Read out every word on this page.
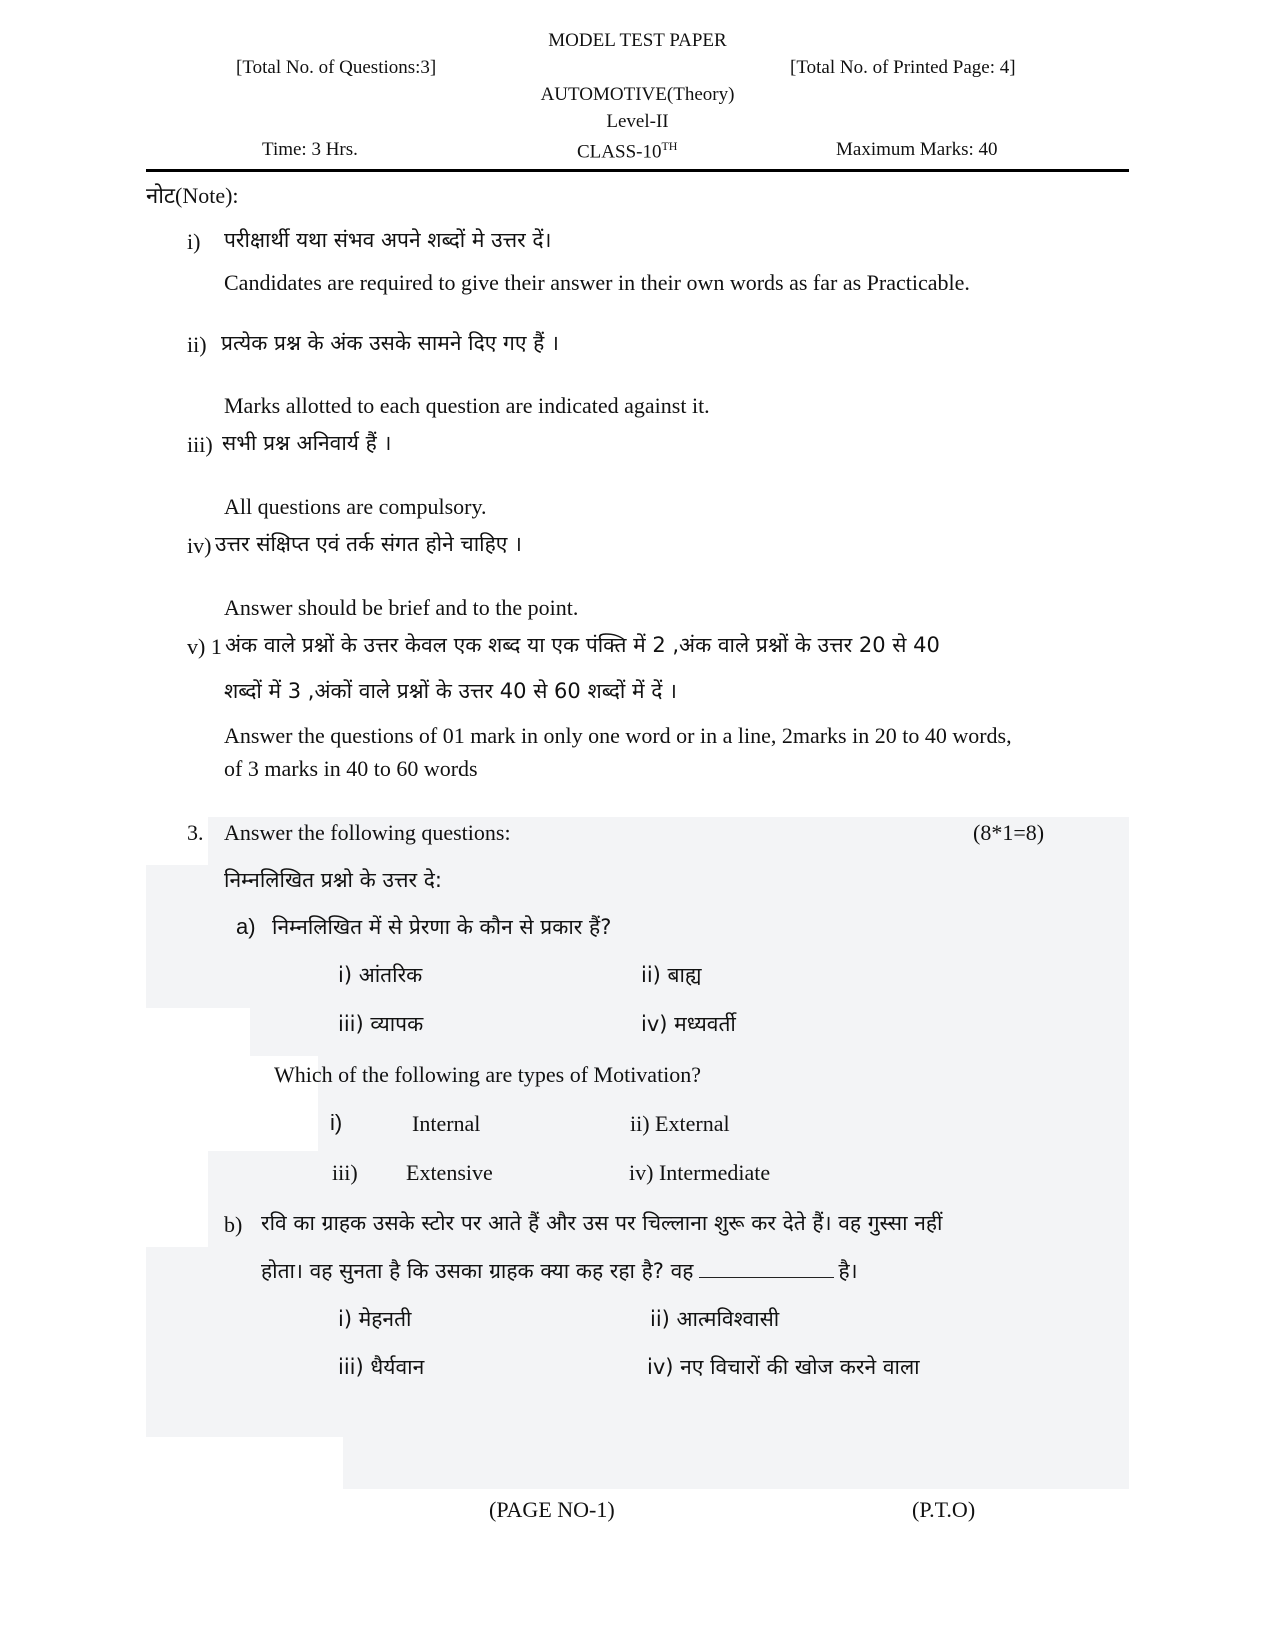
MODEL TEST PAPER
[Total No. of Questions:3]	[Total No. of Printed Page: 4]
AUTOMOTIVE(Theory)
Level-II
Time: 3 Hrs.	CLASS-10TH	Maximum Marks: 40
नोट(Note):
i) परीक्षार्थी यथा संभव अपने शब्दों मे उत्तर दें।
Candidates are required to give their answer in their own words as far as Practicable.
ii) प्रत्येक प्रश्न के अंक उसके सामने दिए गए हैं ।
Marks allotted to each question are indicated against it.
iii) सभी प्रश्न अनिवार्य हैं ।
All questions are compulsory.
iv) उत्तर संक्षिप्त एवं तर्क संगत होने चाहिए ।
Answer should be brief and to the point.
v) 1 अंक वाले प्रश्नों के उत्तर केवल एक शब्द या एक पंक्ति में 2 ,अंक वाले प्रश्नों के उत्तर 20 से 40
शब्दों में 3 ,अंकों वाले प्रश्नों के उत्तर 40 से 60 शब्दों में दें ।
Answer the questions of 01 mark in only one word or in a line, 2marks in 20 to 40 words,
of 3 marks in 40 to 60 words
3. Answer the following questions:	(8*1=8)
निम्नलिखित प्रश्नो के उत्तर दे:
a) निम्नलिखित में से प्रेरणा के कौन से प्रकार हैं?
i) आंतरिक	ii) बाह्य
iii) व्यापक	iv) मध्यवर्ती
Which of the following are types of Motivation?
i)	Internal	ii) External
iii) Extensive	iv) Intermediate
b) रवि का ग्राहक उसके स्टोर पर आते हैं और उस पर चिल्लाना शुरू कर देते हैं। वह गुस्सा नहीं
होता। वह सुनता है कि उसका ग्राहक क्या कह रहा है? वह	है।
i) मेहनती	ii) आत्मविश्वासी
iii) धैर्यवान	iv) नए विचारों की खोज करने वाला
(PAGE NO-1)	(P.T.O)
